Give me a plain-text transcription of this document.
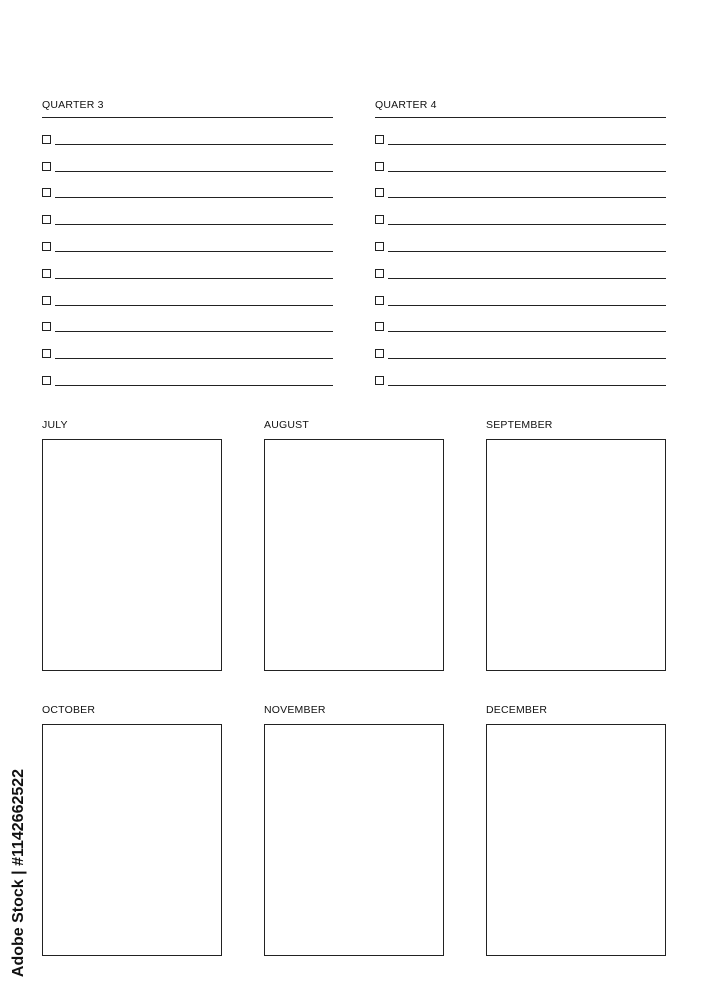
QUARTER 3	QUARTER 4
JULY	AUGUST	SEPTEMBER
OCTOBER	NOVEMBER	DECEMBER
Adobe Stock | #1142662522
